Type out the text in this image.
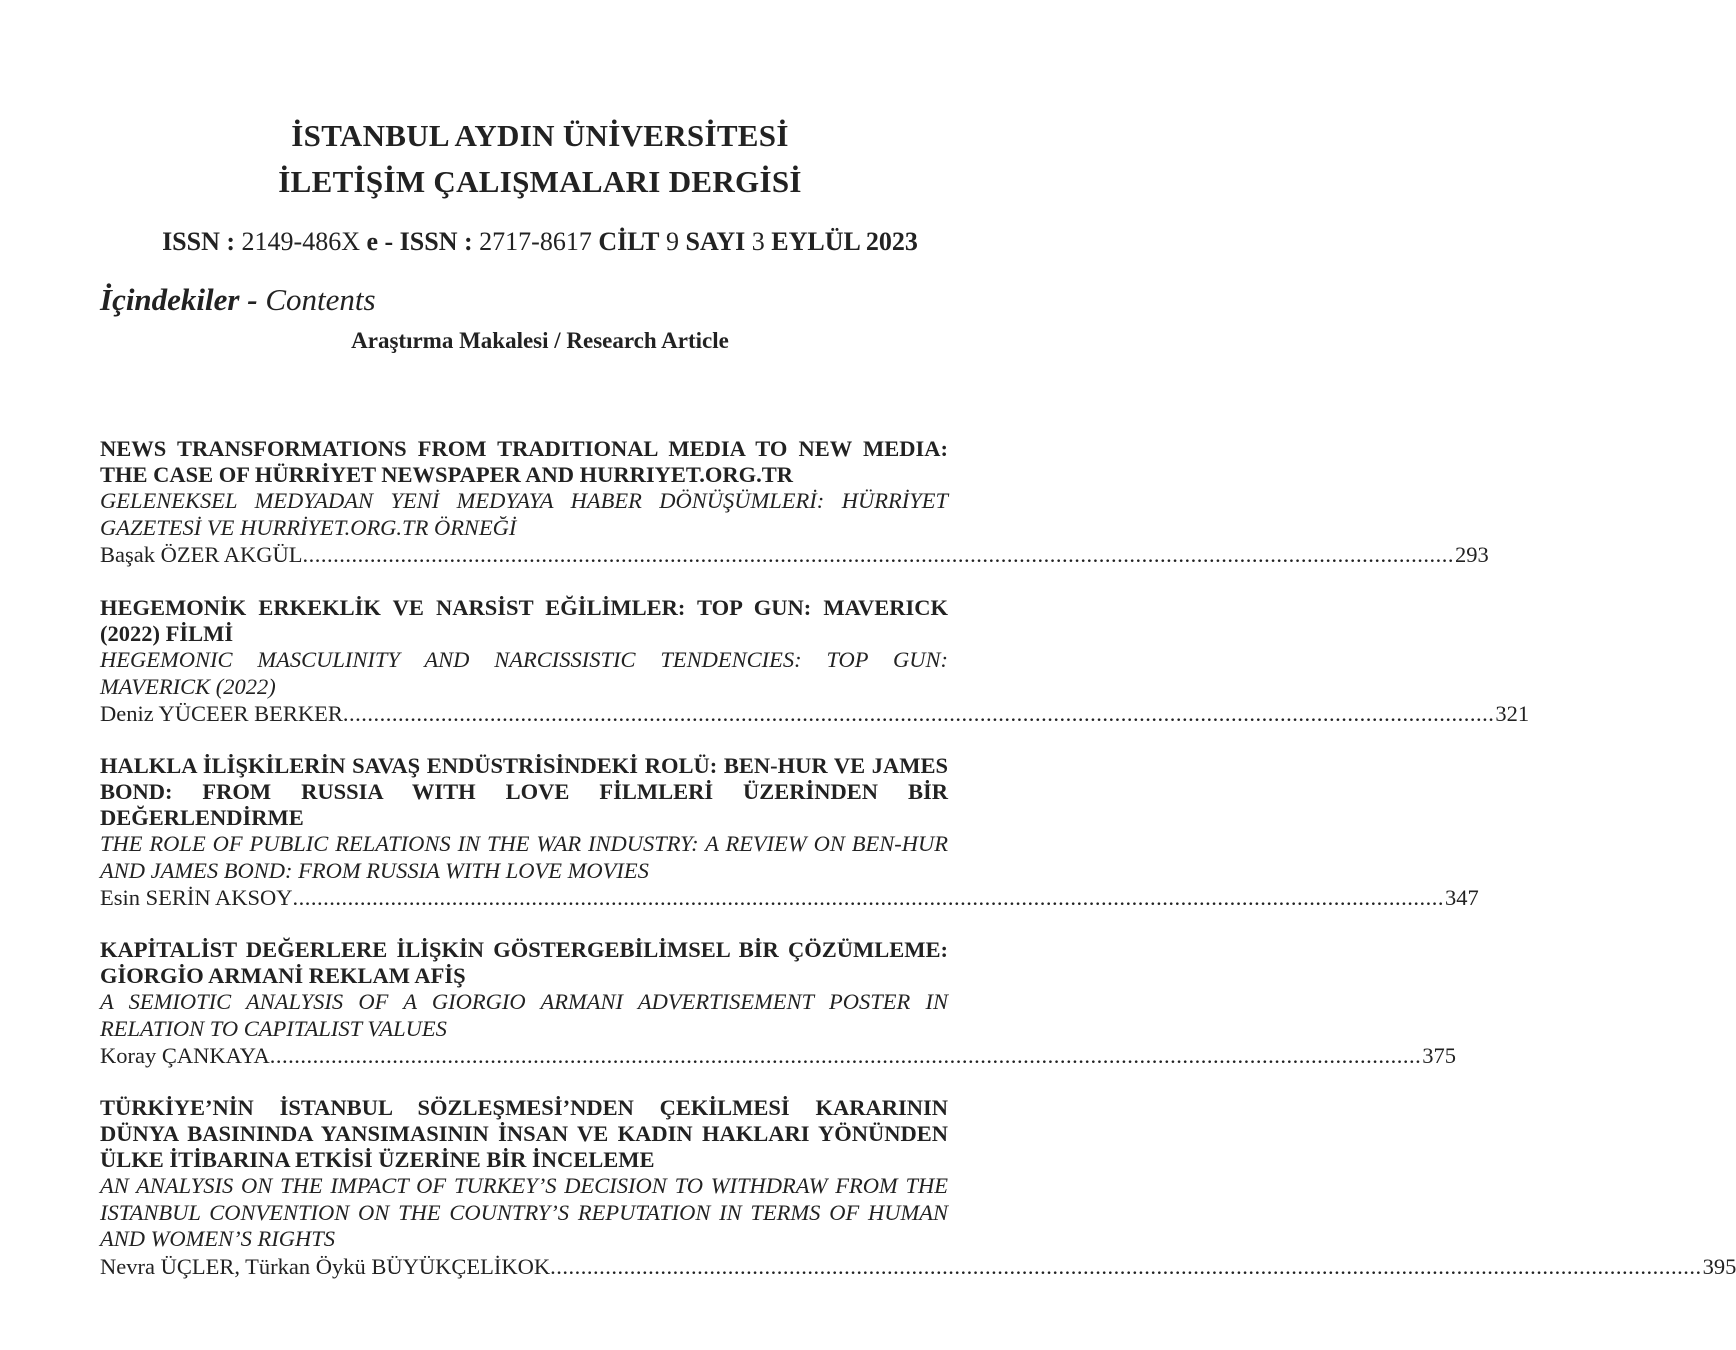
İSTANBUL AYDIN ÜNİVERSİTESİ
İLETİŞİM ÇALIŞMALARI DERGİSİ
ISSN : 2149-486X e - ISSN : 2717-8617 CİLT 9 SAYI 3 EYLÜL 2023
İçindekiler - Contents
Araştırma Makalesi / Research Article

NEWS TRANSFORMATIONS FROM TRADITIONAL MEDIA TO NEW MEDIA: THE CASE OF HÜRRİYET NEWSPAPER AND HURRIYET.ORG.TR

GELENEKSEL MEDYADAN YENİ MEDYAYA HABER DÖNÜŞÜMLERİ: HÜRRİYET GAZETESİ VE HURRİYET.ORG.TR ÖRNEĞİ

Başak ÖZER AKGÜL ............................................................................................................................................................................................ 293

HEGEMONİK ERKEKLİK VE NARSİST EĞİLİMLER: TOP GUN: MAVERICK (2022) FİLMİ

HEGEMONIC MASCULINITY AND NARCISSISTIC TENDENCIES: TOP GUN: MAVERICK (2022)

Deniz YÜCEER BERKER ............................................................................................................................................................................................ 321

HALKLA İLİŞKİLERİN SAVAŞ ENDÜSTRİSİNDEKİ ROLÜ: BEN-HUR VE JAMES BOND: FROM RUSSIA WITH LOVE FİLMLERİ ÜZERİNDEN BİR DEĞERLENDİRME

THE ROLE OF PUBLIC RELATIONS IN THE WAR INDUSTRY: A REVIEW ON BEN-HUR AND JAMES BOND: FROM RUSSIA WITH LOVE MOVIES

Esin SERİN AKSOY ............................................................................................................................................................................................ 347

KAPİTALİST DEĞERLERE İLİŞKİN GÖSTERGEBİLİMSEL BİR ÇÖZÜMLEME: GİORGİO ARMANİ REKLAM AFİŞ

A SEMIOTIC ANALYSIS OF A GIORGIO ARMANI ADVERTISEMENT POSTER IN RELATION TO CAPITALIST VALUES

Koray ÇANKAYA ............................................................................................................................................................................................ 375

TÜRKİYE’NİN İSTANBUL SÖZLEŞMESİ’NDEN ÇEKİLMESİ KARARININ DÜNYA BASININDA YANSIMASININ İNSAN VE KADIN HAKLARI YÖNÜNDEN ÜLKE İTİBARINA ETKİSİ ÜZERİNE BİR İNCELEME

AN ANALYSIS ON THE IMPACT OF TURKEY’S DECISION TO WITHDRAW FROM THE ISTANBUL CONVENTION ON THE COUNTRY’S REPUTATION IN TERMS OF HUMAN AND WOMEN’S RIGHTS

Nevra ÜÇLER, Türkan Öykü BÜYÜKÇELİKOK ............................................................................................................................................................................................ 395
